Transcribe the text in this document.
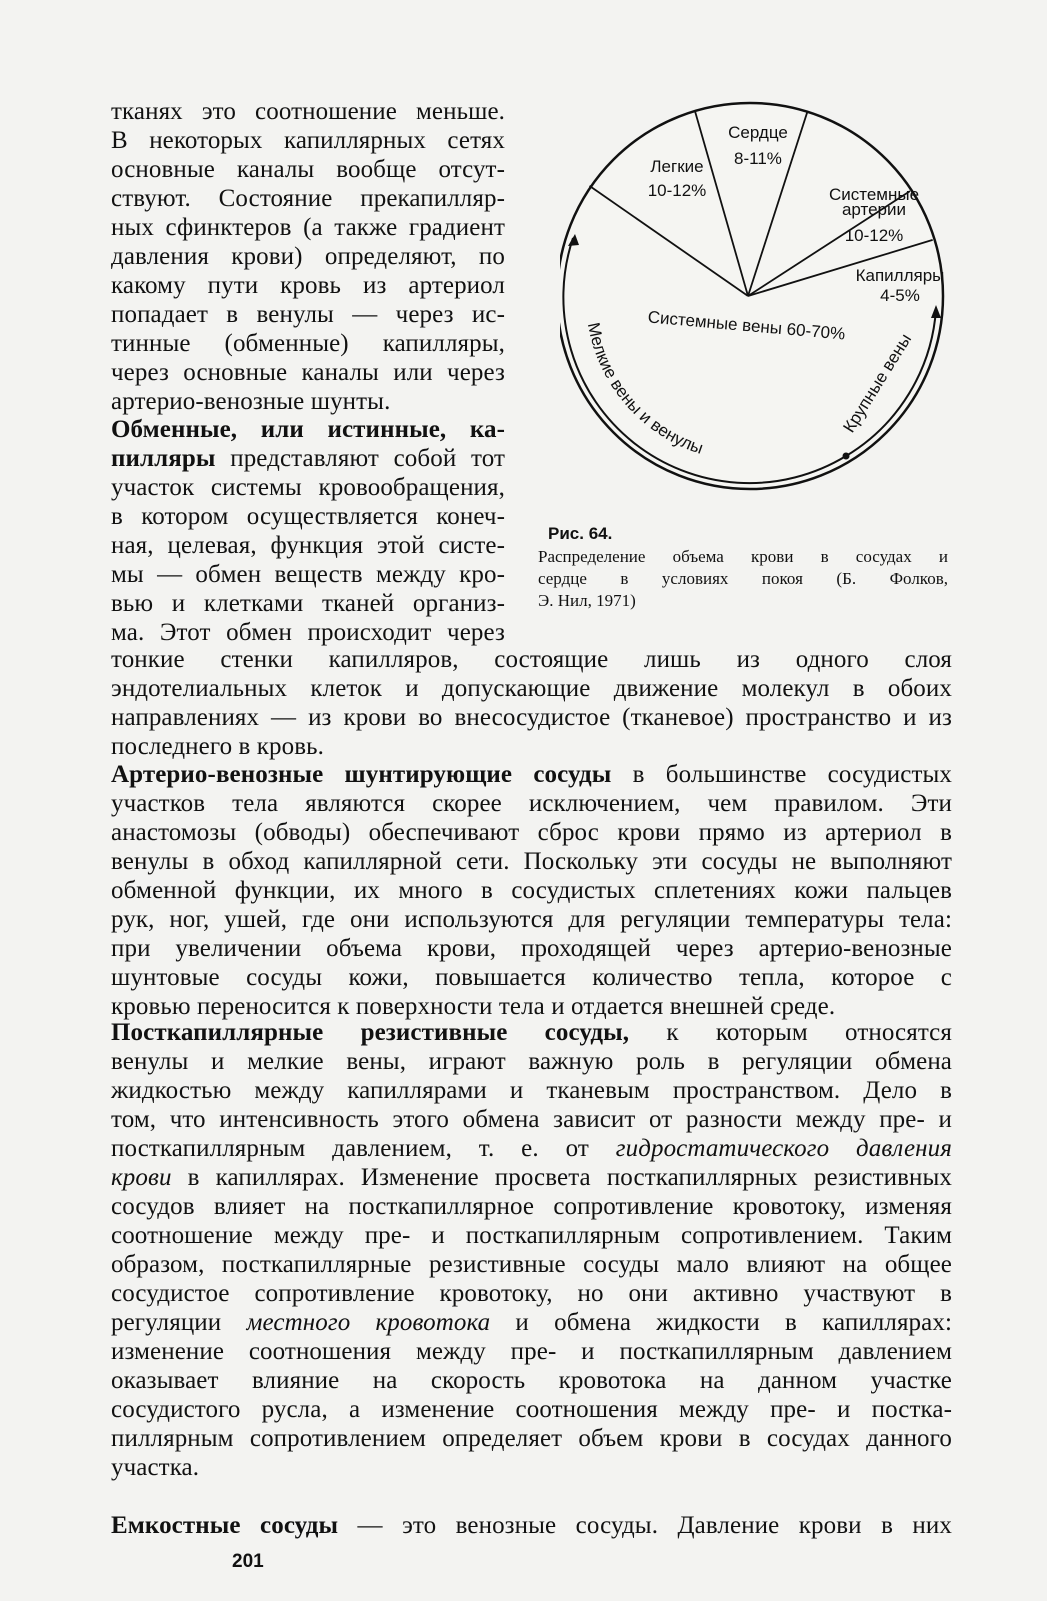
тканях это соотношение меньше.
В некоторых капиллярных сетях
основные каналы вообще отсут-
ствуют. Состояние прекапилляр-
ных сфинктеров (а также градиент
давления крови) определяют, по
какому пути кровь из артериол
попадает в венулы — через ис-
тинные (обменные) капилляры,
через основные каналы или через
артерио-венозные шунты.
Обменные, или истинные, ка-
пилляры представляют собой тот
участок системы кровообращения,
в котором осуществляется конеч-
ная, целевая, функция этой систе-
мы — обмен веществ между кро-
вью и клетками тканей организ-
ма. Этот обмен происходит через
тонкие стенки капилляров, состоящие лишь из одного слоя
эндотелиальных клеток и допускающие движение молекул в обоих
направлениях — из крови во внесосудистое (тканевое) пространство и из
последнего в кровь.
Артерио-венозные шунтирующие сосуды в большинстве сосудистых
участков тела являются скорее исключением, чем правилом. Эти
анастомозы (обводы) обеспечивают сброс крови прямо из артериол в
венулы в обход капиллярной сети. Поскольку эти сосуды не выполняют
обменной функции, их много в сосудистых сплетениях кожи пальцев
рук, ног, ушей, где они используются для регуляции температуры тела:
при увеличении объема крови, проходящей через артерио-венозные
шунтовые сосуды кожи, повышается количество тепла, которое с
кровью переносится к поверхности тела и отдается внешней среде.
Посткапиллярные резистивные сосуды, к которым относятся
венулы и мелкие вены, играют важную роль в регуляции обмена
жидкостью между капиллярами и тканевым пространством. Дело в
том, что интенсивность этого обмена зависит от разности между пре- и
посткапиллярным давлением, т. е. от гидростатического давления
крови в капиллярах. Изменение просвета посткапиллярных резистивных
сосудов влияет на посткапиллярное сопротивление кровотоку, изменяя
соотношение между пре- и посткапиллярным сопротивлением. Таким
образом, посткапиллярные резистивные сосуды мало влияют на общее
сосудистое сопротивление кровотоку, но они активно участвуют в
регуляции местного кровотока и обмена жидкости в капиллярах:
изменение соотношения между пре- и посткапиллярным давлением
оказывает влияние на скорость кровотока на данном участке
сосудистого русла, а изменение соотношения между пре- и постка-
пиллярным сопротивлением определяет объем крови в сосудах данного
участка.
Емкостные сосуды — это венозные сосуды. Давление крови в них
Сердце
8-11%
Системные
артерии
10-12%
Капилляры
4-5%
Системные вены 60-70%
Легкие
10-12%
Мелкие вены и венулы
Крупные вены
Рис. 64.
Распределение объема крови в сосудах и
сердце в условиях покоя (Б. Фолков,
Э. Нил, 1971)
201
